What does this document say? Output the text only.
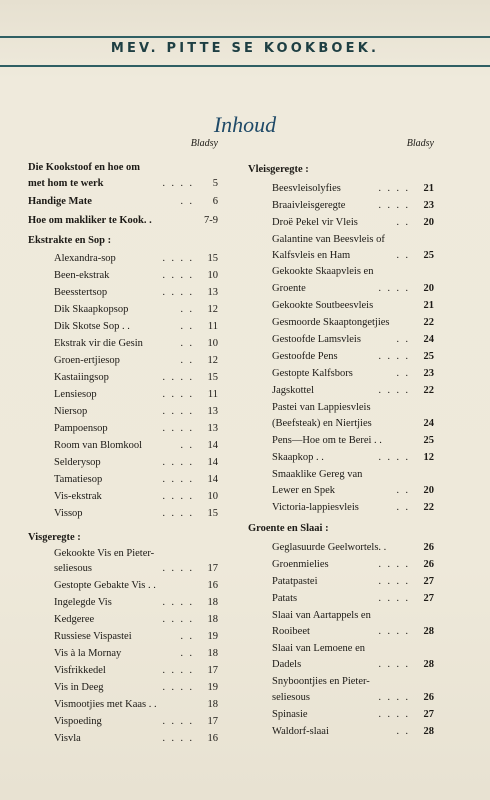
MEV. PITTE SE KOOKBOEK.
Inhoud
Bladsy
Die Kookstoof en hoe om
met hom te werk	. . . . 5
Handige Mate	. . 6
Hoe om makliker te Kook. .	7-9
Ekstrakte en Sop :
Alexandra-sop	. . . . 15
Been-ekstrak	. . . . 10
Beesstertsop	. . . . 13
Dik Skaapkopsop	. . 12
Dik Skotse Sop . .	. . 11
Ekstrak vir die Gesin	. . 10
Groen-ertjiesop	. . 12
Kastaiingsop	. . . . 15
Lensiesop	. . . . 11
Niersop	. . . . 13
Pampoensop	. . . . 13
Room van Blomkool	. . 14
Selderysop	. . . . 14
Tamatiesop	. . . . 14
Vis-ekstrak	. . . . 10
Vissop	. . . . 15
Visgeregte :
Gekookte Vis en Pieter-
seliesous	. . . . 17
Gestopte Gebakte Vis . .	16
Ingelegde Vis	. . . . 18
Kedgeree	. . . . 18
Russiese Vispastei	. . 19
Vis à la Mornay	. . 18
Visfrikkedel	. . . . 17
Vis in Deeg	. . . . 19
Vismootjies met Kaas . .	18
Vispoeding	. . . . 17
Visvla	. . . . 16
Bladsy
Vleisgeregte :
Beesvleisolyfies	. . . . 21
Braaivleisgeregte	. . . . 23
Droë Pekel vir Vleis	. . 20
Galantine van Beesvleis of
Kalfsvleis en Ham	. . 25
Gekookte Skaapvleis en
Groente	. . . . 20
Gekookte Soutbeesvleis	21
Gesmoorde Skaaptongetjies	22
Gestoofde Lamsvleis	. . 24
Gestoofde Pens	. . . . 25
Gestopte Kalfsbors	. . 23
Jagskottel	. . . . 22
Pastei van Lappiesvleis
(Beefsteak) en Niertjies	24
Pens—Hoe om te Berei . .	25
Skaapkop . .	. . . . 12
Smaaklike Gereg van
Lewer en Spek	. . 20
Victoria-lappiesvleis	. . 22
Groente en Slaai :
Geglasuurde Geelwortels. .	26
Groenmielies	. . . . 26
Patatpastei	. . . . 27
Patats	. . . . 27
Slaai van Aartappels en
Rooibeet	. . . . 28
Slaai van Lemoene en
Dadels	. . . . 28
Snyboontjies en Pieter-
seliesous	. . . . 26
Spinasie	. . . . 27
Waldorf-slaai	. . 28
